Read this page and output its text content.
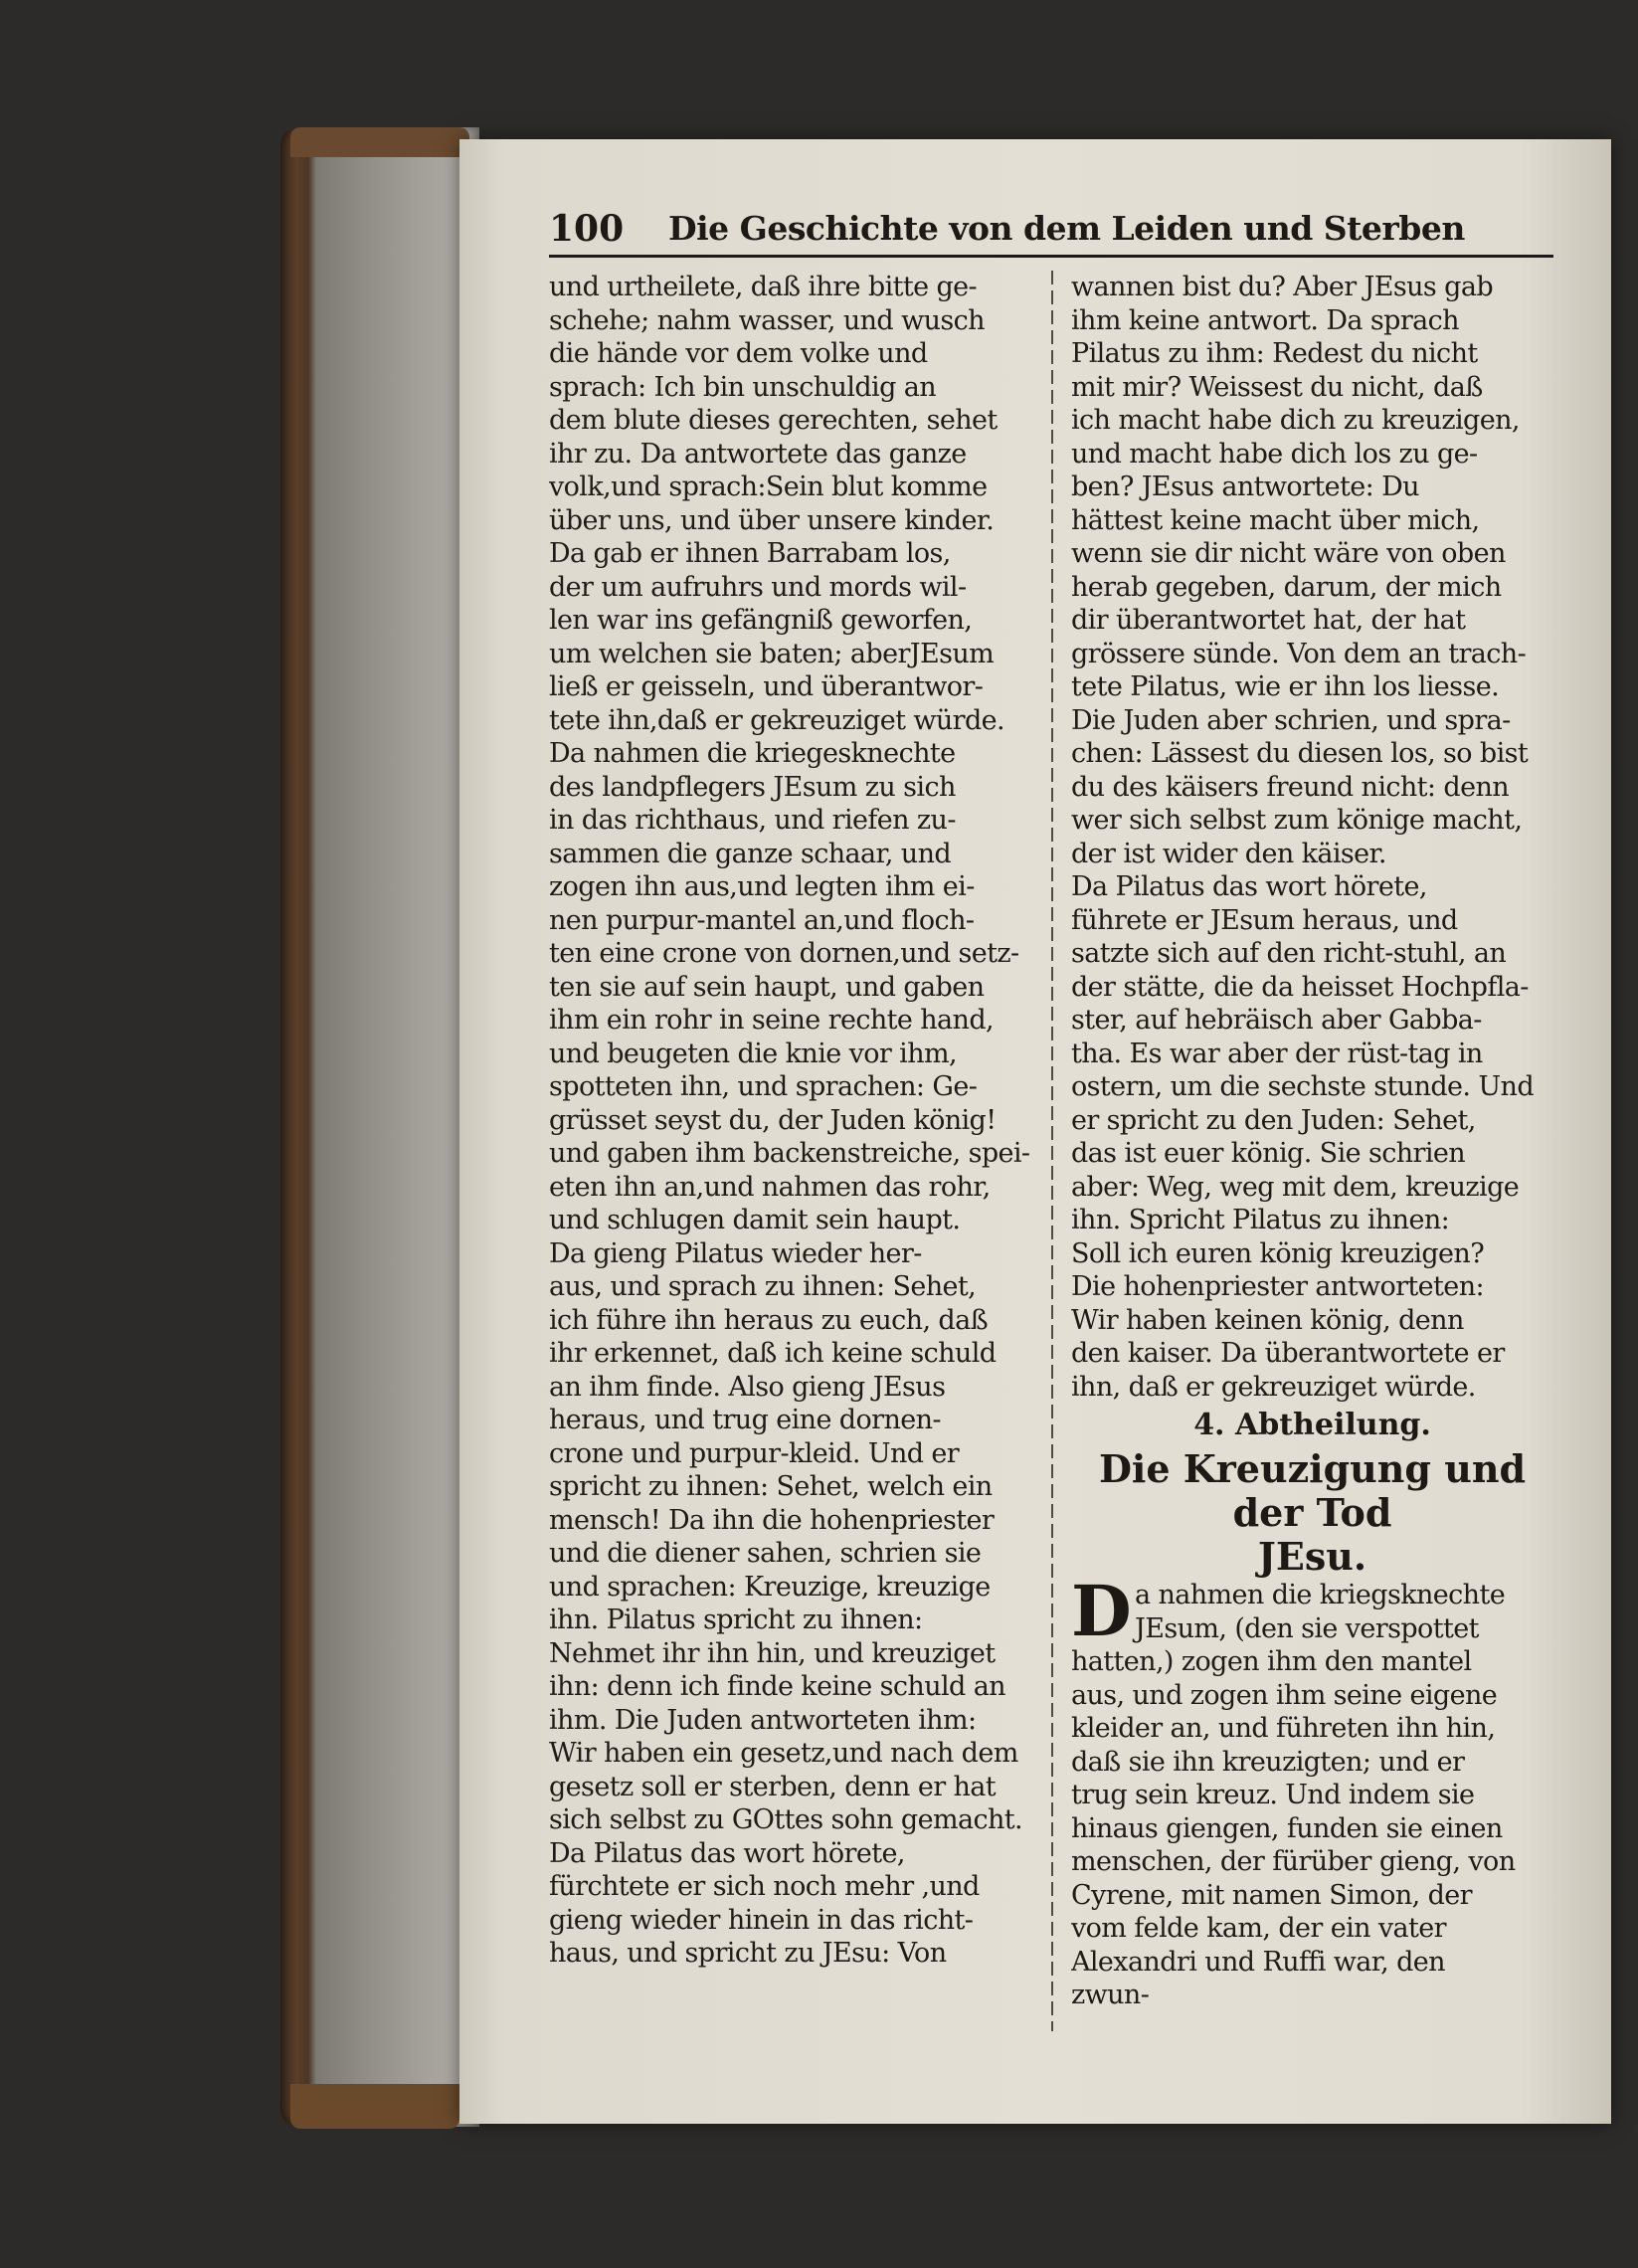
100	Die Geschichte von dem Leiden und Sterben
und urtheilete, daß ihre bitte ge-
schehe; nahm wasser, und wusch
die hände vor dem volke und
sprach: Ich bin unschuldig an
dem blute dieses gerechten, sehet
ihr zu. Da antwortete das ganze
volk,und sprach:Sein blut komme
über uns, und über unsere kinder.
Da gab er ihnen Barrabam los,
der um aufruhrs und mords wil-
len war ins gefängniß geworfen,
um welchen sie baten; aberJEsum
ließ er geisseln, und überantwor-
tete ihn,daß er gekreuziget würde.
Da nahmen die kriegesknechte
des landpflegers JEsum zu sich
in das richthaus, und riefen zu-
sammen die ganze schaar, und
zogen ihn aus,und legten ihm ei-
nen purpur-mantel an,und floch-
ten eine crone von dornen,und setz-
ten sie auf sein haupt, und gaben
ihm ein rohr in seine rechte hand,
und beugeten die knie vor ihm,
spotteten ihn, und sprachen: Ge-
grüsset seyst du, der Juden könig!
und gaben ihm backenstreiche, spei-
eten ihn an,und nahmen das rohr,
und schlugen damit sein haupt.
Da gieng Pilatus wieder her-
aus, und sprach zu ihnen: Sehet,
ich führe ihn heraus zu euch, daß
ihr erkennet, daß ich keine schuld
an ihm finde. Also gieng JEsus
heraus, und trug eine dornen-
crone und purpur-kleid. Und er
spricht zu ihnen: Sehet, welch ein
mensch! Da ihn die hohenpriester
und die diener sahen, schrien sie
und sprachen: Kreuzige, kreuzige
ihn. Pilatus spricht zu ihnen:
Nehmet ihr ihn hin, und kreuziget
ihn: denn ich finde keine schuld an
ihm. Die Juden antworteten ihm:
Wir haben ein gesetz,und nach dem
gesetz soll er sterben, denn er hat
sich selbst zu GOttes sohn gemacht.
Da Pilatus das wort hörete,
fürchtete er sich noch mehr ,und
gieng wieder hinein in das richt-
haus, und spricht zu JEsu: Von
wannen bist du? Aber JEsus gab
ihm keine antwort. Da sprach
Pilatus zu ihm: Redest du nicht
mit mir? Weissest du nicht, daß
ich macht habe dich zu kreuzigen,
und macht habe dich los zu ge-
ben? JEsus antwortete: Du
hättest keine macht über mich,
wenn sie dir nicht wäre von oben
herab gegeben, darum, der mich
dir überantwortet hat, der hat
grössere sünde. Von dem an trach-
tete Pilatus, wie er ihn los liesse.
Die Juden aber schrien, und spra-
chen: Lässest du diesen los, so bist
du des käisers freund nicht: denn
wer sich selbst zum könige macht,
der ist wider den käiser.
Da Pilatus das wort hörete,
führete er JEsum heraus, und
satzte sich auf den richt-stuhl, an
der stätte, die da heisset Hochpfla-
ster, auf hebräisch aber Gabba-
tha. Es war aber der rüst-tag in
ostern, um die sechste stunde. Und
er spricht zu den Juden: Sehet,
das ist euer könig. Sie schrien
aber: Weg, weg mit dem, kreuzige
ihn. Spricht Pilatus zu ihnen:
Soll ich euren könig kreuzigen?
Die hohenpriester antworteten:
Wir haben keinen könig, denn
den kaiser. Da überantwortete er
ihn, daß er gekreuziget würde.
4. Abtheilung.
Die Kreuzigung und der Tod
JEsu.
D a nahmen die kriegsknechte
JEsum, (den sie verspottet
hatten,) zogen ihm den mantel
aus, und zogen ihm seine eigene
kleider an, und führeten ihn hin,
daß sie ihn kreuzigten; und er
trug sein kreuz. Und indem sie
hinaus giengen, funden sie einen
menschen, der fürüber gieng, von
Cyrene, mit namen Simon, der
vom felde kam, der ein vater
Alexandri und Ruffi war, den
zwun-
